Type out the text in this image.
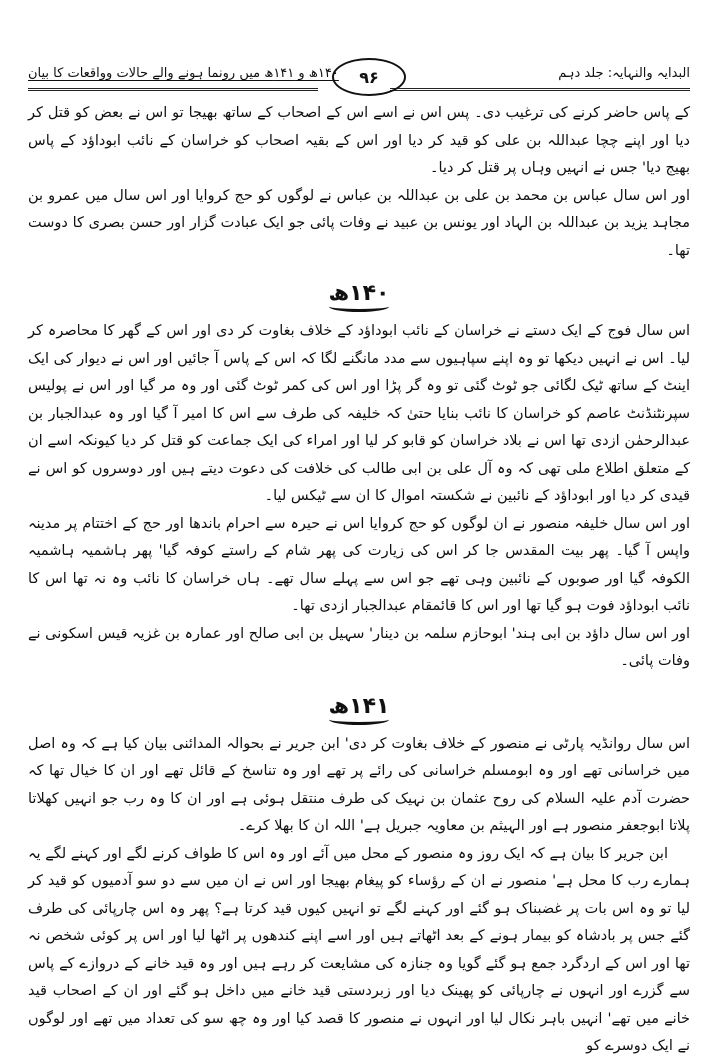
البدایہ والنہایہ: جلد دہم
۹۶
۱۴۰ھ و ۱۴۱ھ میں رونما ہونے والے حالات وواقعات کا بیان

کے پاس حاضر کرنے کی ترغیب دی۔ پس اس نے اسے اس کے اصحاب کے ساتھ بھیجا تو اس نے بعض کو قتل کر دیا اور اپنے چچا عبداللہ بن علی کو قید کر دیا اور اس کے بقیہ اصحاب کو خراسان کے نائب ابوداؤد کے پاس بھیج دیا' جس نے انہیں وہاں پر قتل کر دیا۔

اور اس سال عباس بن محمد بن علی بن عبداللہ بن عباس نے لوگوں کو حج کروایا اور اس سال میں عمرو بن مجاہد یزید بن عبداللہ بن الہاد اور یونس بن عبید نے وفات پائی جو ایک عبادت گزار اور حسن بصری کا دوست تھا۔

۱۴۰ھ

اس سال فوج کے ایک دستے نے خراسان کے نائب ابوداؤد کے خلاف بغاوت کر دی اور اس کے گھر کا محاصرہ کر لیا۔ اس نے انہیں دیکھا تو وہ اپنے سپاہیوں سے مدد مانگنے لگا کہ اس کے پاس آ جائیں اور اس نے دیوار کی ایک اینٹ کے ساتھ ٹیک لگائی جو ٹوٹ گئی تو وہ گر پڑا اور اس کی کمر ٹوٹ گئی اور وہ مر گیا اور اس نے پولیس سپرنٹنڈنٹ عاصم کو خراسان کا نائب بنایا حتیٰ کہ خلیفہ کی طرف سے اس کا امیر آ گیا اور وہ عبدالجبار بن عبدالرحمٰن ازدی تھا اس نے بلاد خراسان کو قابو کر لیا اور امراء کی ایک جماعت کو قتل کر دیا کیونکہ اسے ان کے متعلق اطلاع ملی تھی کہ وہ آل علی بن ابی طالب کی خلافت کی دعوت دیتے ہیں اور دوسروں کو اس نے قیدی کر دیا اور ابوداؤد کے نائبین نے شکستہ اموال کا ان سے ٹیکس لیا۔

اور اس سال خلیفہ منصور نے ان لوگوں کو حج کروایا اس نے حیرہ سے احرام باندھا اور حج کے اختتام پر مدینہ واپس آ گیا۔ پھر بیت المقدس جا کر اس کی زیارت کی پھر شام کے راستے کوفہ گیا' پھر ہاشمیہ ہاشمیہ الکوفہ گیا اور صوبوں کے نائبین وہی تھے جو اس سے پہلے سال تھے۔ ہاں خراسان کا نائب وہ نہ تھا اس کا نائب ابوداؤد فوت ہو گیا تھا اور اس کا قائمقام عبدالجبار ازدی تھا۔

اور اس سال داؤد بن ابی ہند' ابوحازم سلمہ بن دینار' سہیل بن ابی صالح اور عمارہ بن غزیہ قیس اسکونی نے وفات پائی۔

۱۴۱ھ

اس سال روانڈیہ پارٹی نے منصور کے خلاف بغاوت کر دی' ابن جریر نے بحوالہ المدائنی بیان کیا ہے کہ وہ اصل میں خراسانی تھے اور وہ ابومسلم خراسانی کی رائے پر تھے اور وہ تناسخ کے قائل تھے اور ان کا خیال تھا کہ حضرت آدم علیہ السلام کی روح عثمان بن نہیک کی طرف منتقل ہوئی ہے اور ان کا وہ رب جو انہیں کھلاتا پلاتا ابوجعفر منصور ہے اور الہیثم بن معاویہ جبریل ہے' اللہ ان کا بھلا کرے۔

ابن جریر کا بیان ہے کہ ایک روز وہ منصور کے محل میں آئے اور وہ اس کا طواف کرنے لگے اور کہنے لگے یہ ہمارے رب کا محل ہے' منصور نے ان کے رؤساء کو پیغام بھیجا اور اس نے ان میں سے دو سو آدمیوں کو قید کر لیا تو وہ اس بات پر غضبناک ہو گئے اور کہنے لگے تو انہیں کیوں قید کرتا ہے؟ پھر وہ اس چارپائی کی طرف گئے جس پر بادشاہ کو بیمار ہونے کے بعد اٹھاتے ہیں اور اسے اپنے کندھوں پر اٹھا لیا اور اس پر کوئی شخص نہ تھا اور اس کے اردگرد جمع ہو گئے گویا وہ جنازہ کی مشایعت کر رہے ہیں اور وہ قید خانے کے دروازے کے پاس سے گزرے اور انہوں نے چارپائی کو پھینک دیا اور زبردستی قید خانے میں داخل ہو گئے اور ان کے اصحاب قید خانے میں تھے' انہیں باہر نکال لیا اور انہوں نے منصور کا قصد کیا اور وہ چھ سو کی تعداد میں تھے اور لوگوں نے ایک دوسرے کو
